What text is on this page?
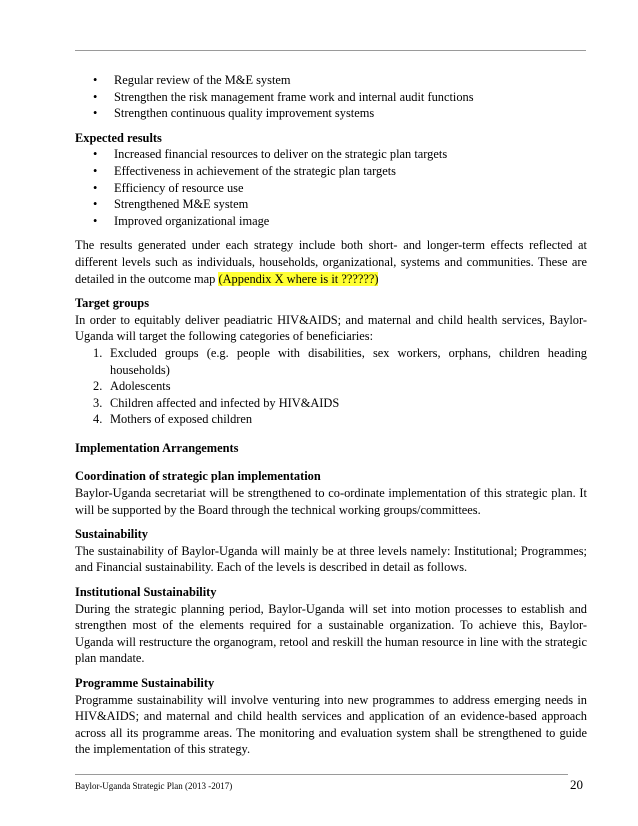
• Regular review of the M&E system
• Strengthen the risk management frame work and internal audit functions
• Strengthen continuous quality improvement systems

Expected results

• Increased financial resources to deliver on the strategic plan targets
• Effectiveness in achievement of the strategic plan targets
• Efficiency of resource use
• Strengthened M&E system
• Improved organizational image

The results generated under each strategy include both short- and longer-term effects reflected at different levels such as individuals, households, organizational, systems and communities. These are detailed in the outcome map (Appendix X where is it ??????)

Target groups

In order to equitably deliver peadiatric HIV&AIDS; and maternal and child health services, Baylor-Uganda will target the following categories of beneficiaries:

1. Excluded groups (e.g. people with disabilities, sex workers, orphans, children heading households)
2. Adolescents
3. Children affected and infected by HIV&AIDS
4. Mothers of exposed children

Implementation Arrangements

Coordination of strategic plan implementation

Baylor-Uganda secretariat will be strengthened to co-ordinate implementation of this strategic plan. It will be supported by the Board through the technical working groups/committees.

Sustainability

The sustainability of Baylor-Uganda will mainly be at three levels namely: Institutional; Programmes; and Financial sustainability. Each of the levels is described in detail as follows.

Institutional Sustainability

During the strategic planning period, Baylor-Uganda will set into motion processes to establish and strengthen most of the elements required for a sustainable organization. To achieve this, Baylor-Uganda will restructure the organogram, retool and reskill the human resource in line with the strategic plan mandate.

Programme Sustainability

Programme sustainability will involve venturing into new programmes to address emerging needs in HIV&AIDS; and maternal and child health services and application of an evidence-based approach across all its programme areas. The monitoring and evaluation system shall be strengthened to guide the implementation of this strategy.

Baylor-Uganda Strategic Plan (2013 -2017)	20
